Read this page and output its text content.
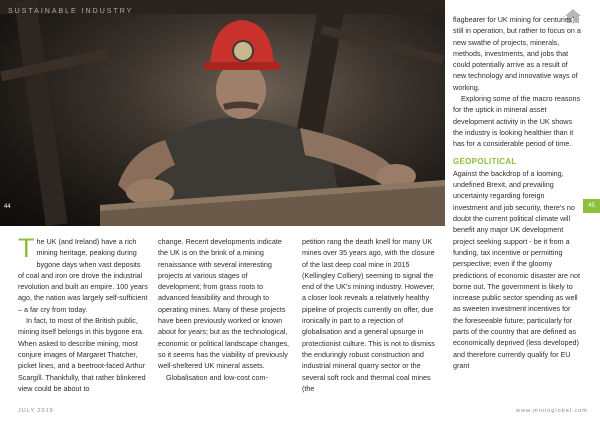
SUSTAINABLE INDUSTRY
44	45

The UK (and Ireland) have a rich mining heritage, peaking during bygone days when vast deposits of coal and iron ore drove the industrial revolution and built an empire. 100 years ago, the nation was largely self-sufficient – a far cry from today.

In fact, to most of the British public, mining itself belongs in this bygone era. When asked to describe mining, most conjure images of Margaret Thatcher, picket lines, and a beetroot-faced Arthur Scargill. Thankfully, that rather blinkered view could be about to

change. Recent developments indicate the UK is on the brink of a mining renaissance with several interesting projects at various stages of development; from grass roots to advanced feasibility and through to operating mines. Many of these projects have been previously worked or known about for years; but as the technological, economic or political landscape changes, so it seems has the viability of previously well-sheltered UK mineral assets.

Globalisation and low-cost com-

petition rang the death knell for many UK mines over 35 years ago, with the closure of the last deep coal mine in 2015 (Kellingley Colliery) seeming to signal the end of the UK's mining industry. However, a closer look reveals a relatively healthy pipeline of projects currently on offer, due ironically in part to a rejection of globalisation and a general upsurge in protectionist culture. This is not to dismiss the enduringly robust construction and industrial mineral quarry sector or the several soft rock and thermal coal mines (the

flagbearer for UK mining for centuries) still in operation, but rather to focus on a new swathe of projects, minerals, methods, investments, and jobs that could potentially arrive as a result of new technology and innovative ways of working.

Exploring some of the macro reasons for the uptick in mineral asset development activity in the UK shows the industry is looking healthier than it has for a considerable period of time.

GEOPOLITICAL

Against the backdrop of a looming, undefined Brexit, and prevailing uncertainty regarding foreign investment and job security, there's no doubt the current political climate will benefit any major UK development project seeking support - be it from a funding, tax incentive or permitting perspective; even if the gloomy predictions of economic disaster are not borne out. The government is likely to increase public sector spending as well as sweeten investment incentives for the foreseeable future; particularly for parts of the country that are defined as economically deprived (less developed) and therefore currently qualify for EU grant

JULY 2019	www.mininglobal.com
